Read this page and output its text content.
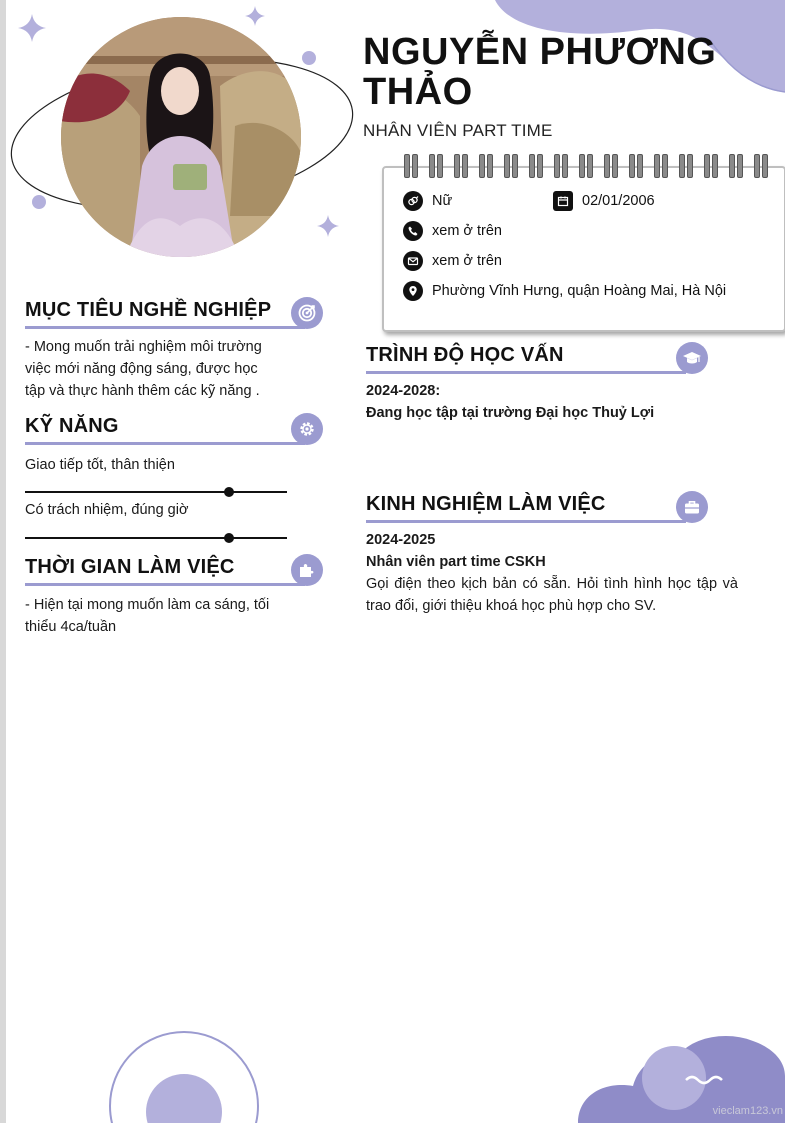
NGUYỄN PHƯƠNG THẢO
NHÂN VIÊN PART TIME
Nữ	02/01/2006
xem ở trên
xem ở trên
Phường Vĩnh Hưng, quận Hoàng Mai, Hà Nội
MỤC TIÊU NGHỀ NGHIỆP
- Mong muốn trải nghiệm môi trường
việc mới năng động sáng, được học
tập và thực hành thêm các kỹ năng .
KỸ NĂNG
Giao tiếp tốt, thân thiện
Có trách nhiệm, đúng giờ
THỜI GIAN LÀM VIỆC
- Hiện tại mong muốn làm ca sáng, tối
thiểu 4ca/tuần
TRÌNH ĐỘ HỌC VẤN
2024-2028:
Đang học tập tại trường Đại học Thuỷ Lợi
KINH NGHIỆM LÀM VIỆC
2024-2025
Nhân viên part time CSKH
Gọi điện theo kịch bản có sẵn. Hỏi tình hình học tập và
trao đổi, giới thiệu khoá học phù hợp cho SV.
vieclam123.vn
